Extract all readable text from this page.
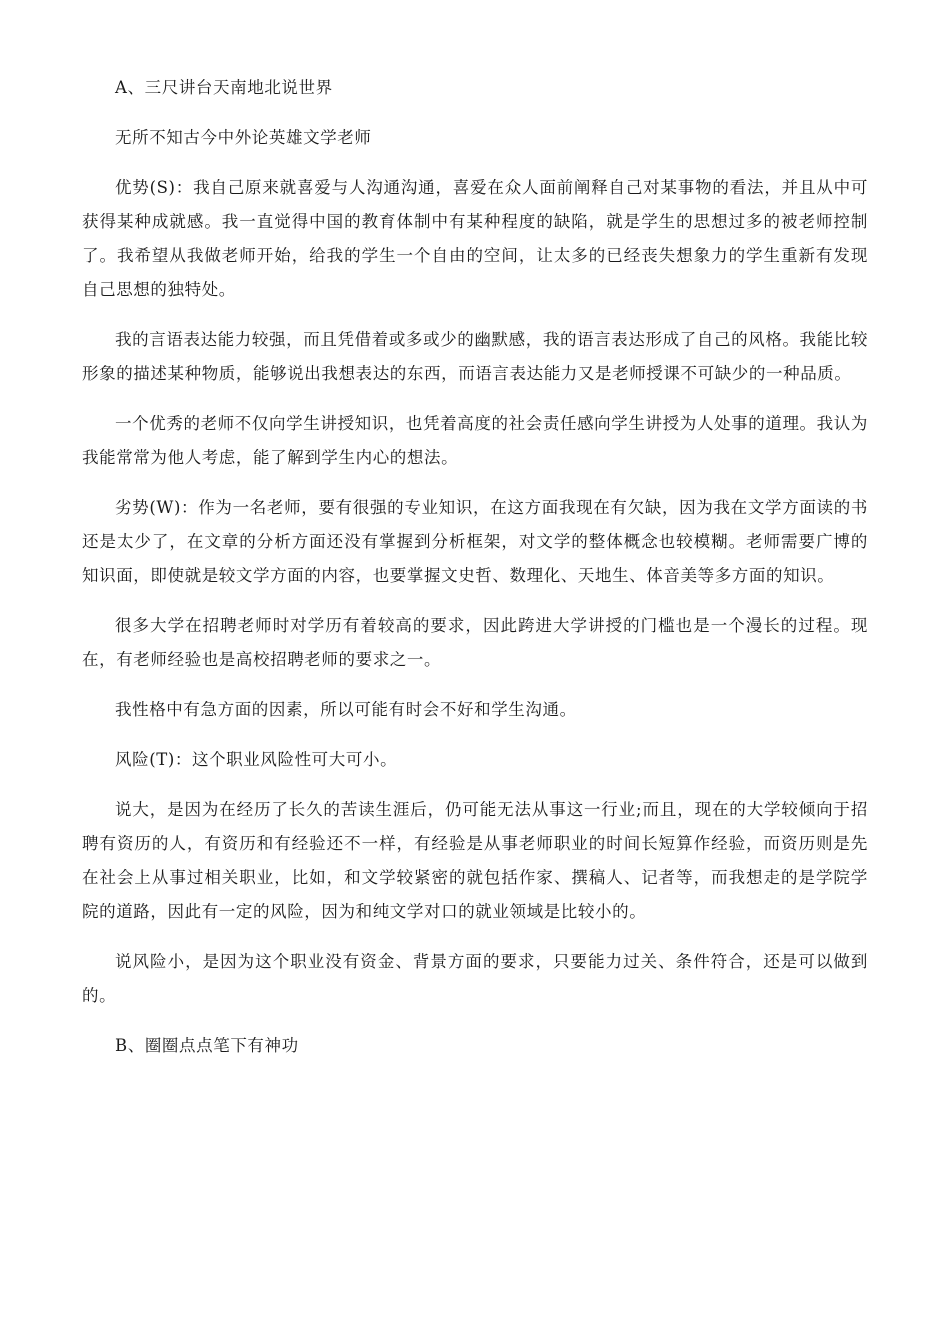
A、三尺讲台天南地北说世界

无所不知古今中外论英雄文学老师

优势(S)：我自己原来就喜爱与人沟通沟通，喜爱在众人面前阐释自己对某事物的看法，并且从中可获得某种成就感。我一直觉得中国的教育体制中有某种程度的缺陷，就是学生的思想过多的被老师控制了。我希望从我做老师开始，给我的学生一个自由的空间，让太多的已经丧失想象力的学生重新有发现自己思想的独特处。

我的言语表达能力较强，而且凭借着或多或少的幽默感，我的语言表达形成了自己的风格。我能比较形象的描述某种物质，能够说出我想表达的东西，而语言表达能力又是老师授课不可缺少的一种品质。

一个优秀的老师不仅向学生讲授知识，也凭着高度的社会责任感向学生讲授为人处事的道理。我认为我能常常为他人考虑，能了解到学生内心的想法。

劣势(W)：作为一名老师，要有很强的专业知识，在这方面我现在有欠缺，因为我在文学方面读的书还是太少了，在文章的分析方面还没有掌握到分析框架，对文学的整体概念也较模糊。老师需要广博的知识面，即使就是较文学方面的内容，也要掌握文史哲、数理化、天地生、体音美等多方面的知识。

很多大学在招聘老师时对学历有着较高的要求，因此跨进大学讲授的门槛也是一个漫长的过程。现在，有老师经验也是高校招聘老师的要求之一。

我性格中有急方面的因素，所以可能有时会不好和学生沟通。

风险(T)：这个职业风险性可大可小。

说大，是因为在经历了长久的苦读生涯后，仍可能无法从事这一行业;而且，现在的大学较倾向于招聘有资历的人，有资历和有经验还不一样，有经验是从事老师职业的时间长短算作经验，而资历则是先在社会上从事过相关职业，比如，和文学较紧密的就包括作家、撰稿人、记者等，而我想走的是学院学院的道路，因此有一定的风险，因为和纯文学对口的就业领域是比较小的。

说风险小，是因为这个职业没有资金、背景方面的要求，只要能力过关、条件符合，还是可以做到的。

B、圈圈点点笔下有神功
